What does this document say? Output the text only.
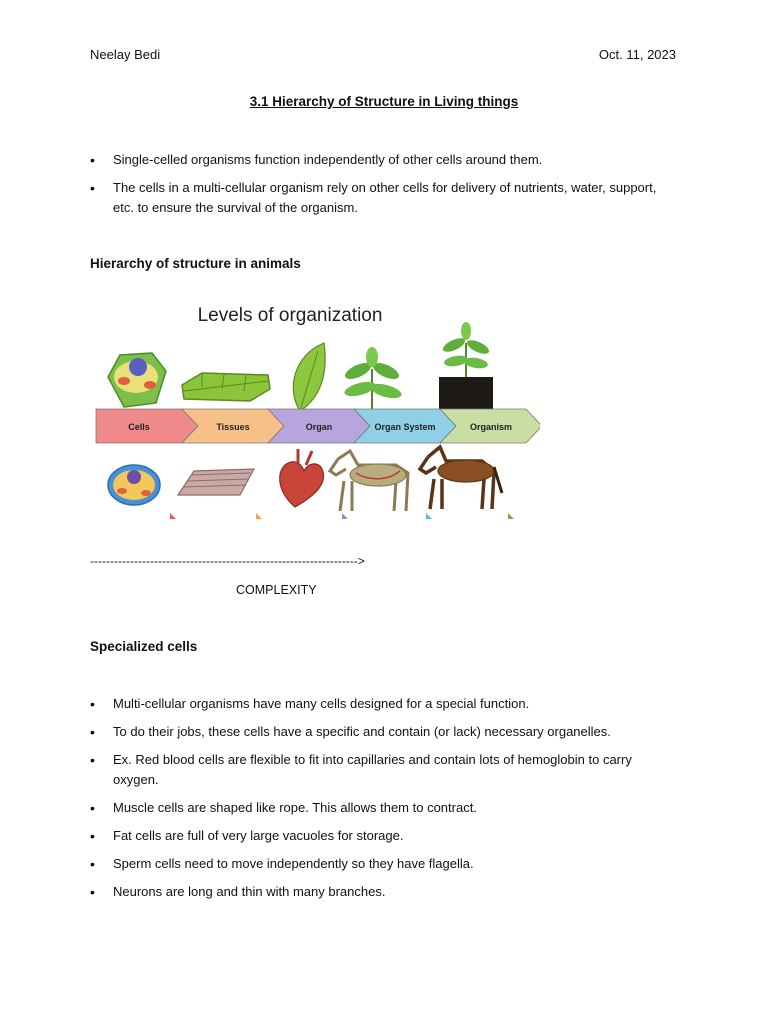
Neelay Bedi	Oct. 11, 2023
3.1 Hierarchy of Structure in Living things
• Single-celled organisms function independently of other cells around them.
• The cells in a multi-cellular organism rely on other cells for delivery of nutrients, water, support, etc. to ensure the survival of the organism.
Hierarchy of structure in animals
Levels of organization
Cells	Tissues	Organ	Organ System	Organism
------------------------------------------------------------------->
COMPLEXITY
Specialized cells
• Multi-cellular organisms have many cells designed for a special function.
• To do their jobs, these cells have a specific and contain (or lack) necessary organelles.
• Ex. Red blood cells are flexible to fit into capillaries and contain lots of hemoglobin to carry oxygen.
• Muscle cells are shaped like rope. This allows them to contract.
• Fat cells are full of very large vacuoles for storage.
• Sperm cells need to move independently so they have flagella.
• Neurons are long and thin with many branches.
